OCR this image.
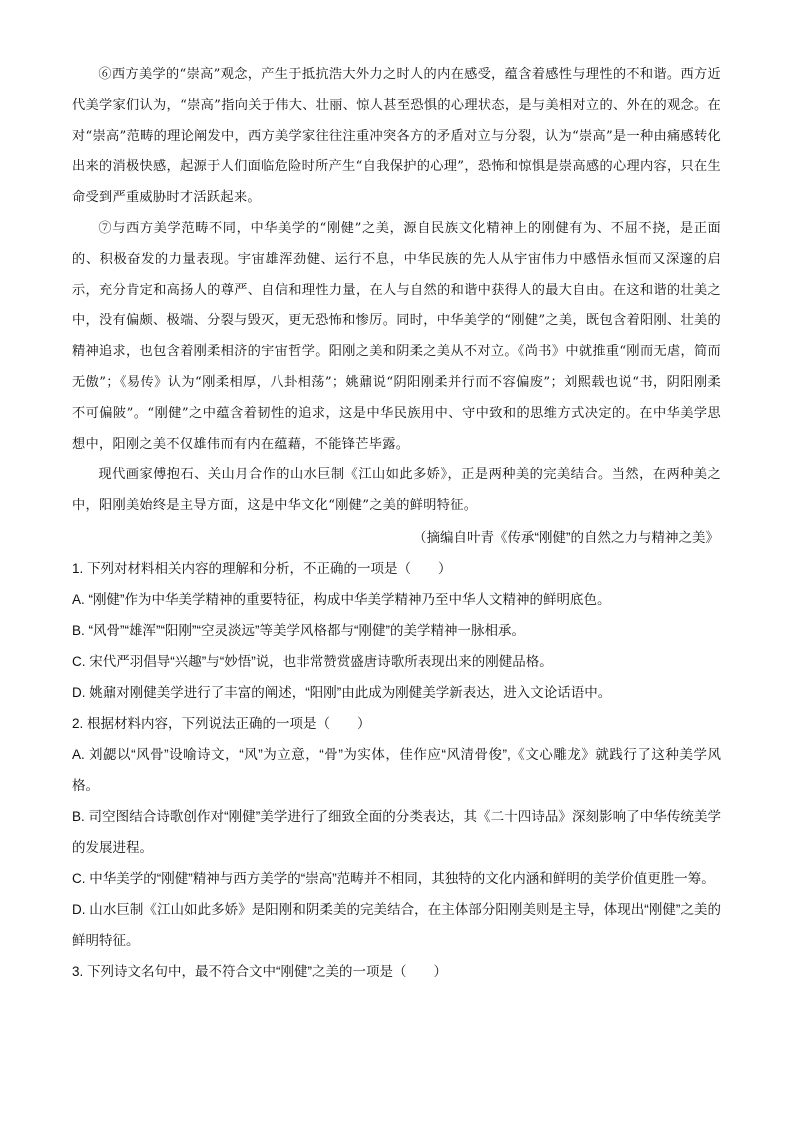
⑥西方美学的“崇高”观念，产生于抵抗浩大外力之时人的内在感受，蕴含着感性与理性的不和谐。西方近代美学家们认为，“崇高”指向关于伟大、壮丽、惊人甚至恐惧的心理状态，是与美相对立的、外在的观念。在对“崇高”范畴的理论阐发中，西方美学家往往注重冲突各方的矛盾对立与分裂，认为“崇高”是一种由痛感转化出来的消极快感，起源于人们面临危险时所产生“自我保护的心理”，恐怖和惊惧是崇高感的心理内容，只在生命受到严重威胁时才活跃起来。

⑦与西方美学范畴不同，中华美学的“刚健”之美，源自民族文化精神上的刚健有为、不屈不挠，是正面的、积极奋发的力量表现。宇宙雄浑劲健、运行不息，中华民族的先人从宇宙伟力中感悟永恒而又深邃的启示，充分肯定和高扬人的尊严、自信和理性力量，在人与自然的和谐中获得人的最大自由。在这和谐的壮美之中，没有偏颇、极端、分裂与毁灭，更无恐怖和惨厉。同时，中华美学的“刚健”之美，既包含着阳刚、壮美的精神追求，也包含着刚柔相济的宇宙哲学。阳刚之美和阴柔之美从不对立。《尚书》中就推重“刚而无虐，简而无傲”；《易传》认为“刚柔相厚，八卦相荡”；姚鼐说“阴阳刚柔并行而不容偏废”；刘熙载也说“书，阴阳刚柔不可偏陂”。“刚健”之中蕴含着韧性的追求，这是中华民族用中、守中致和的思维方式决定的。在中华美学思想中，阳刚之美不仅雄伟而有内在蕴藉，不能锋芒毕露。

现代画家傅抱石、关山月合作的山水巨制《江山如此多娇》，正是两种美的完美结合。当然，在两种美之中，阳刚美始终是主导方面，这是中华文化“刚健”之美的鲜明特征。

（摘编自叶青《传承“刚健”的自然之力与精神之美》

1. 下列对材料相关内容的理解和分析，不正确的一项是（　　）

A. “刚健”作为中华美学精神的重要特征，构成中华美学精神乃至中华人文精神的鲜明底色。

B. “风骨”“雄浑”“阳刚”“空灵淡远”等美学风格都与“刚健”的美学精神一脉相承。

C. 宋代严羽倡导“兴趣”与“妙悟”说，也非常赞赏盛唐诗歌所表现出来的刚健品格。

D. 姚鼐对刚健美学进行了丰富的阐述，“阳刚”由此成为刚健美学新表达，进入文论话语中。

2. 根据材料内容，下列说法正确的一项是（　　）

A. 刘勰以“风骨”设喻诗文，“风”为立意，“骨”为实体，佳作应“风清骨俊”,《文心雕龙》就践行了这种美学风格。

B. 司空图结合诗歌创作对“刚健”美学进行了细致全面的分类表达，其《二十四诗品》深刻影响了中华传统美学的发展进程。

C. 中华美学的“刚健”精神与西方美学的“崇高”范畴并不相同，其独特的文化内涵和鲜明的美学价值更胜一筹。

D. 山水巨制《江山如此多娇》是阳刚和阴柔美的完美结合，在主体部分阳刚美则是主导，体现出“刚健”之美的鲜明特征。

3. 下列诗文名句中，最不符合文中“刚健”之美的一项是（　　）
